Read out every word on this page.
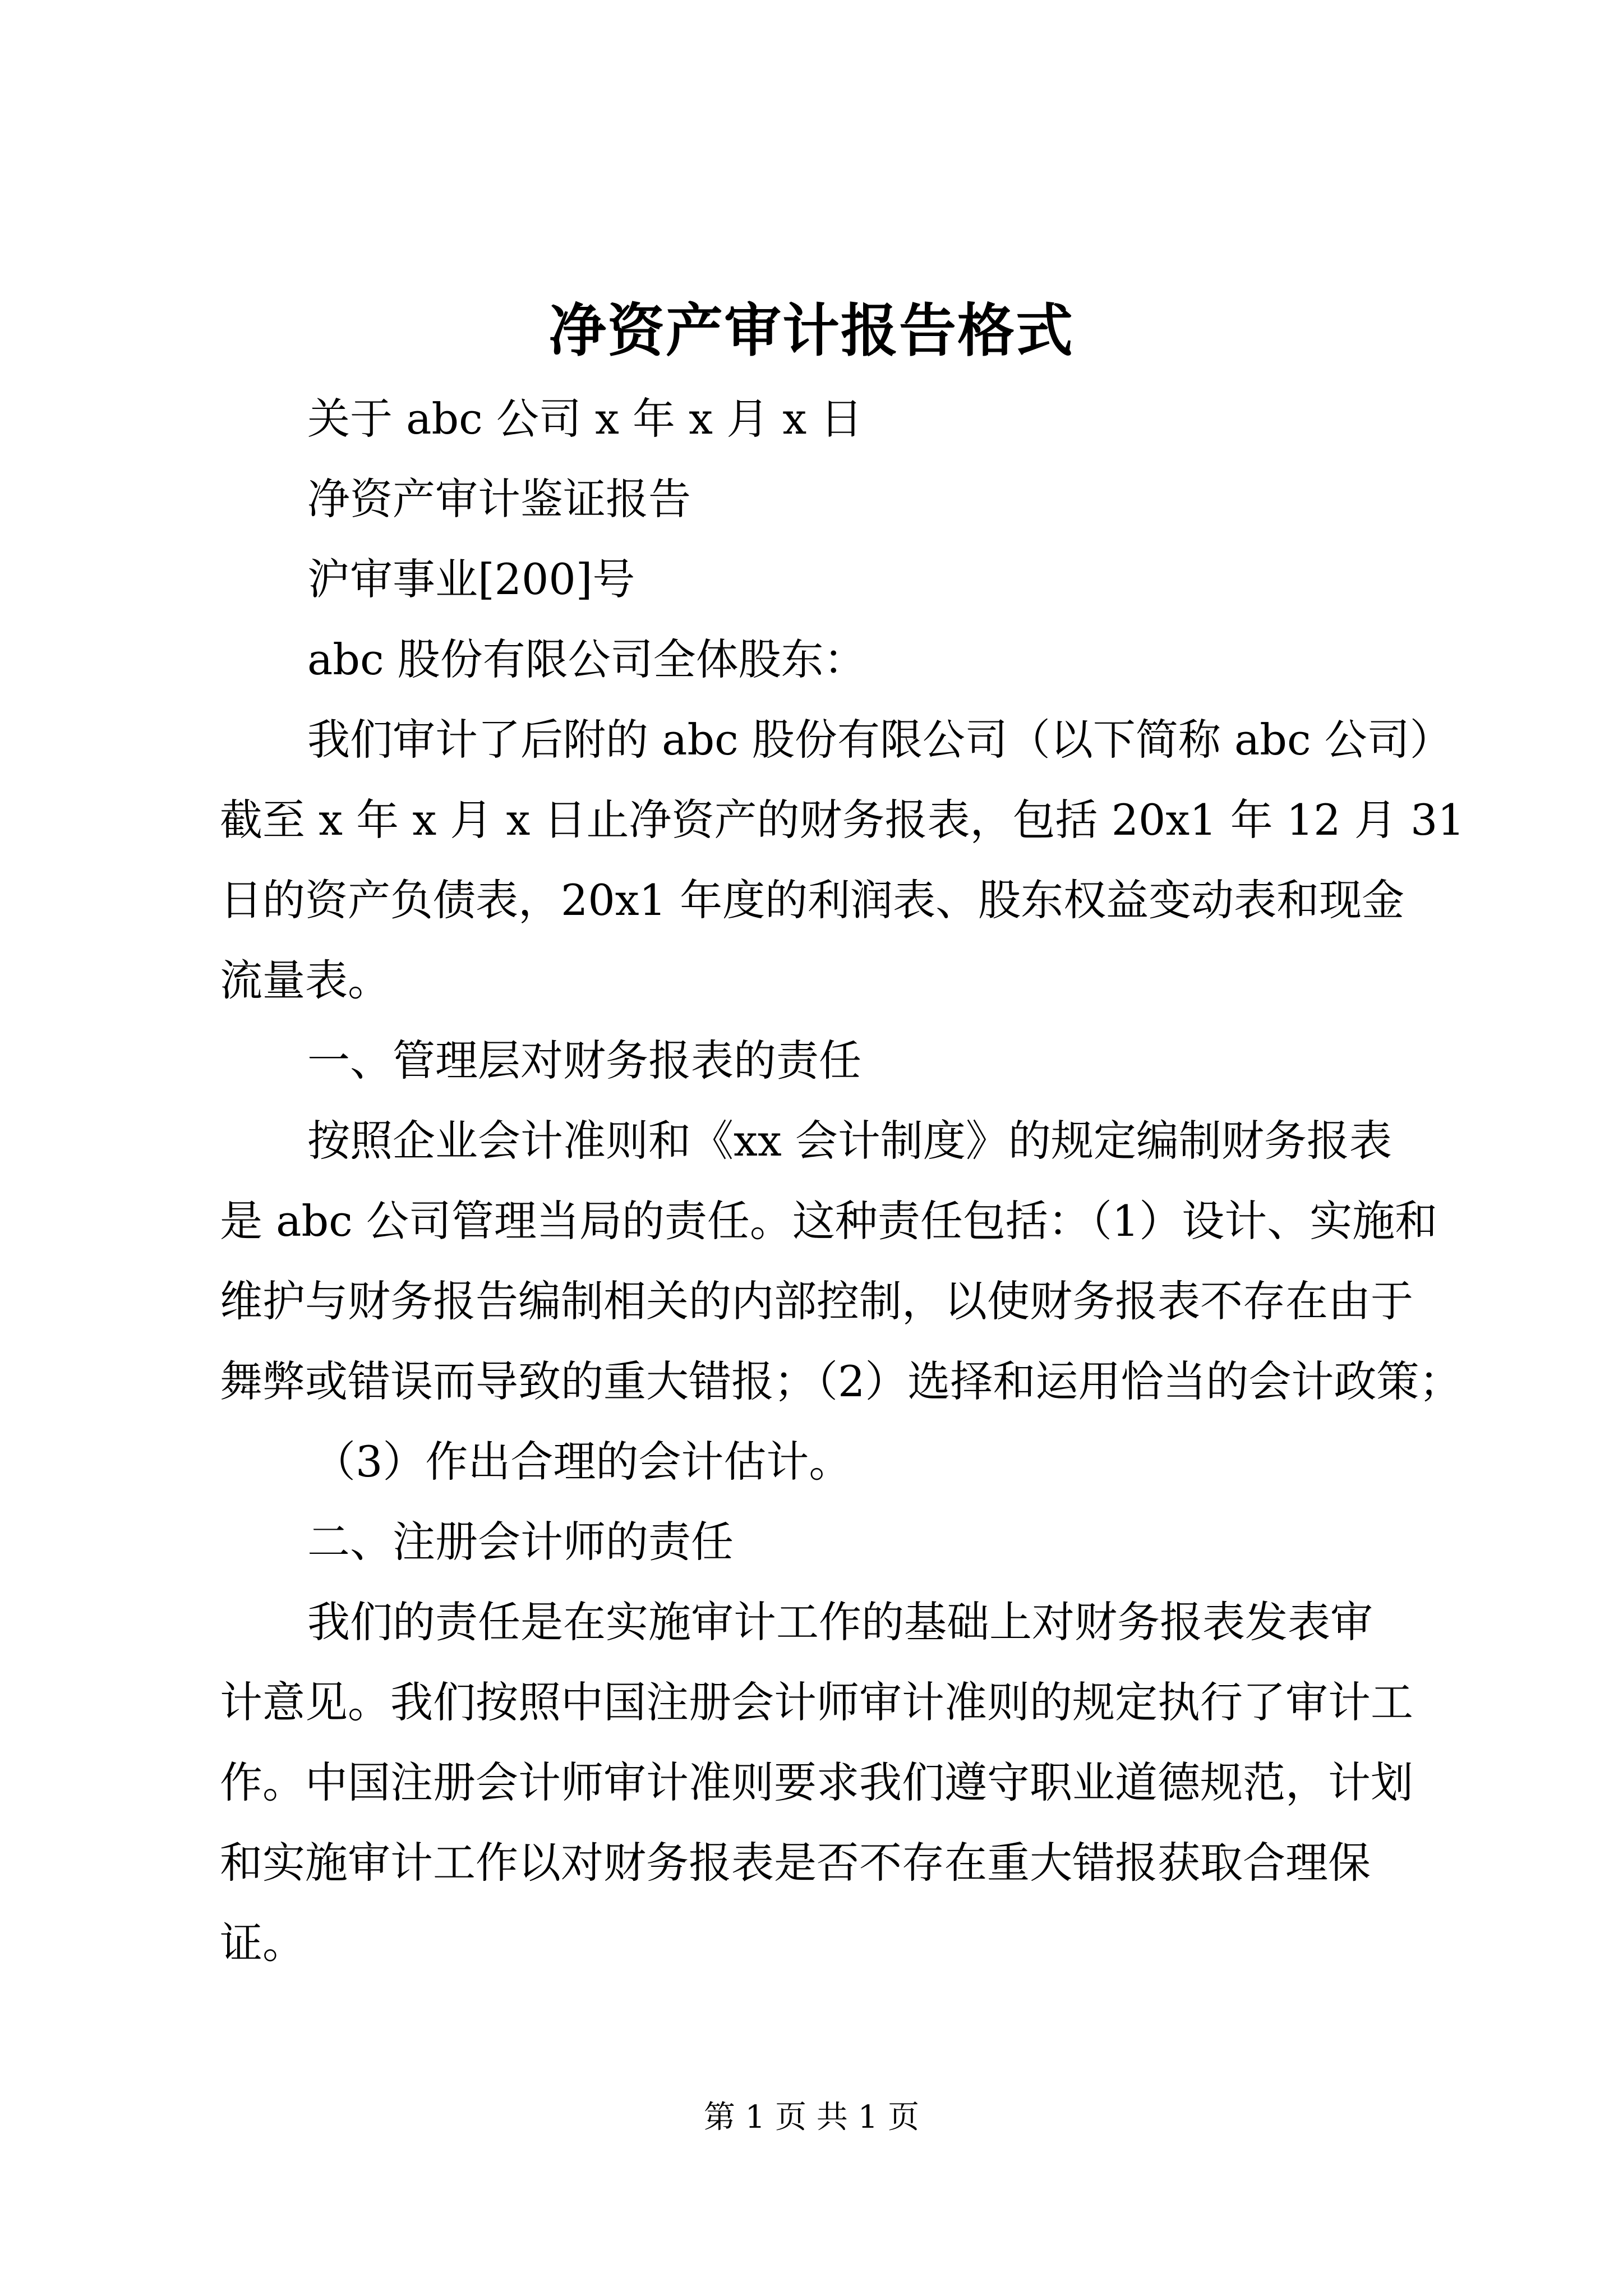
净资产审计报告格式
关于 abc 公司 x 年 x 月 x 日
净资产审计鉴证报告
沪审事业[200]号
abc 股份有限公司全体股东：
我们审计了后附的 abc 股份有限公司（以下简称 abc 公司）
截至 x 年 x 月 x 日止净资产的财务报表，包括 20x1 年 12 月 31
日的资产负债表，20x1 年度的利润表、股东权益变动表和现金
流量表。
一、管理层对财务报表的责任
按照企业会计准则和《xx 会计制度》的规定编制财务报表
是 abc 公司管理当局的责任。这种责任包括：（1）设计、实施和
维护与财务报告编制相关的内部控制，以使财务报表不存在由于
舞弊或错误而导致的重大错报；（2）选择和运用恰当的会计政策；
（3）作出合理的会计估计。
二、注册会计师的责任
我们的责任是在实施审计工作的基础上对财务报表发表审
计意见。我们按照中国注册会计师审计准则的规定执行了审计工
作。中国注册会计师审计准则要求我们遵守职业道德规范，计划
和实施审计工作以对财务报表是否不存在重大错报获取合理保
证。
第 1 页 共 1 页
